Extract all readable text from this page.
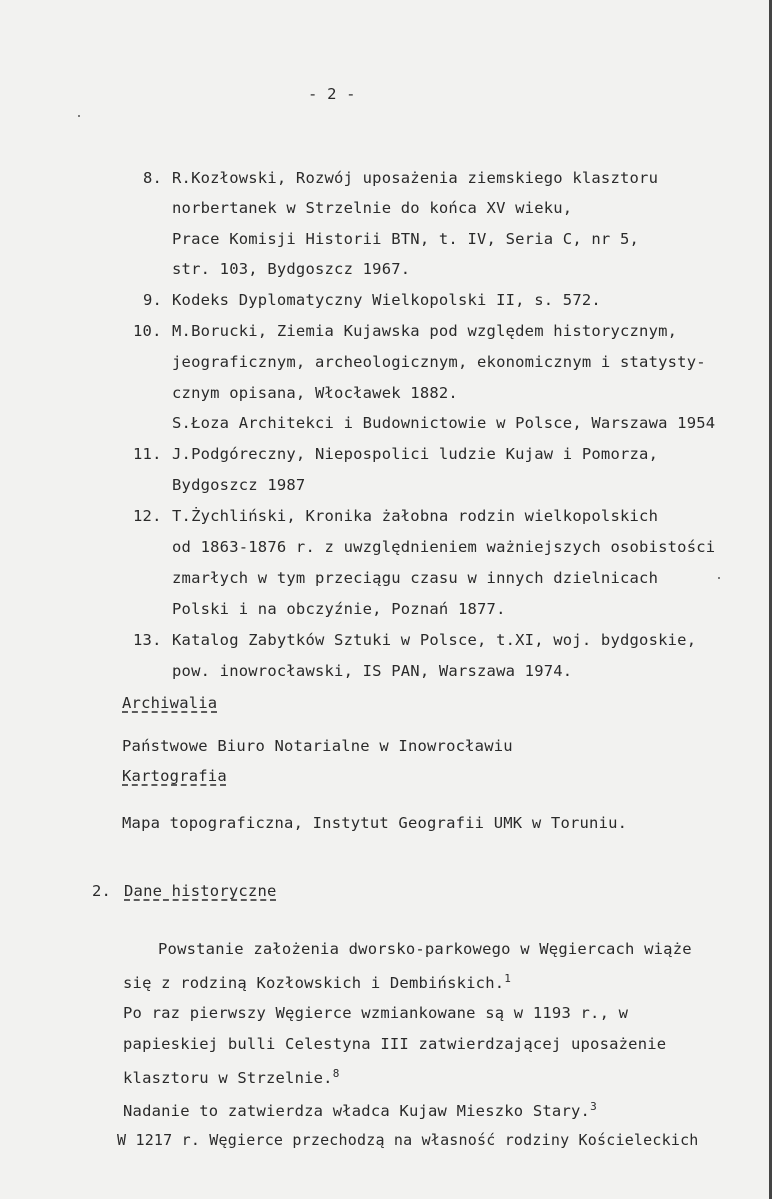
- 2 -
8. R.Kozłowski, Rozwój uposażenia ziemskiego klasztoru
norbertanek w Strzelnie do końca XV wieku,
Prace Komisji Historii BTN, t. IV, Seria C, nr 5,
str. 103, Bydgoszcz 1967.
9. Kodeks Dyplomatyczny Wielkopolski II, s. 572.
10. M.Borucki, Ziemia Kujawska pod względem historycznym,
jeograficznym, archeologicznym, ekonomicznym i statysty-
cznym opisana, Włocławek 1882.
S.Łoza Architekci i Budownictowie w Polsce, Warszawa 1954
11. J.Podgóreczny, Niepospolici ludzie Kujaw i Pomorza,
Bydgoszcz 1987
12. T.Żychliński, Kronika żałobna rodzin wielkopolskich
od 1863-1876 r. z uwzględnieniem ważniejszych osobistości
zmarłych w tym przeciągu czasu w innych dzielnicach
Polski i na obczyźnie, Poznań 1877.
13. Katalog Zabytków Sztuki w Polsce, t.XI, woj. bydgoskie,
pow. inowrocławski, IS PAN, Warszawa 1974.
Archiwalia
Państwowe Biuro Notarialne w Inowrocławiu
Kartografia
Mapa topograficzna, Instytut Geografii UMK w Toruniu.
2. Dane historyczne
Powstanie założenia dworsko-parkowego w Węgiercach wiąże
się z rodziną Kozłowskich i Dembińskich.$^1$
Po raz pierwszy Węgierce wzmiankowane są w 1193 r., w
papieskiej bulli Celestyna III zatwierdzającej uposażenie
klasztoru w Strzelnie.$^8$
Nadanie to zatwierdza władca Kujaw Mieszko Stary.$^3$
W 1217 r. Węgierce przechodzą na własność rodziny Kościeleckich
